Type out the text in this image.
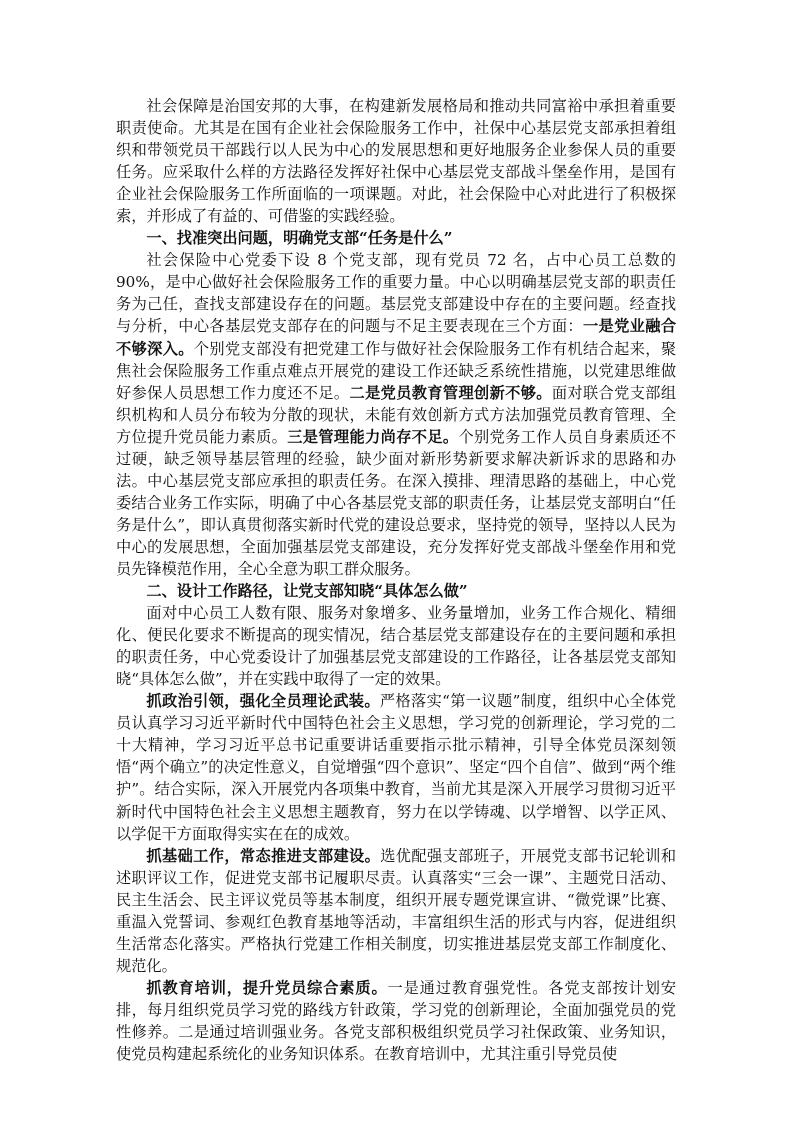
社会保障是治国安邦的大事，在构建新发展格局和推动共同富裕中承担着重要职责使命。尤其是在国有企业社会保险服务工作中，社保中心基层党支部承担着组织和带领党员干部践行以人民为中心的发展思想和更好地服务企业参保人员的重要任务。应采取什么样的方法路径发挥好社保中心基层党支部战斗堡垒作用，是国有企业社会保险服务工作所面临的一项课题。对此，社会保险中心对此进行了积极探索，并形成了有益的、可借鉴的实践经验。

一、找准突出问题，明确党支部“任务是什么”

社会保险中心党委下设 8 个党支部，现有党员 72 名，占中心员工总数的 90%，是中心做好社会保险服务工作的重要力量。中心以明确基层党支部的职责任务为己任，查找支部建设存在的问题。基层党支部建设中存在的主要问题。经查找与分析，中心各基层党支部存在的问题与不足主要表现在三个方面：一是党业融合不够深入。个别党支部没有把党建工作与做好社会保险服务工作有机结合起来，聚焦社会保险服务工作重点难点开展党的建设工作还缺乏系统性措施，以党建思维做好参保人员思想工作力度还不足。二是党员教育管理创新不够。面对联合党支部组织机构和人员分布较为分散的现状，未能有效创新方式方法加强党员教育管理、全方位提升党员能力素质。三是管理能力尚存不足。个别党务工作人员自身素质还不过硬，缺乏领导基层管理的经验，缺少面对新形势新要求解决新诉求的思路和办法。中心基层党支部应承担的职责任务。在深入摸排、理清思路的基础上，中心党委结合业务工作实际，明确了中心各基层党支部的职责任务，让基层党支部明白“任务是什么”，即认真贯彻落实新时代党的建设总要求，坚持党的领导，坚持以人民为中心的发展思想，全面加强基层党支部建设，充分发挥好党支部战斗堡垒作用和党员先锋模范作用，全心全意为职工群众服务。

二、设计工作路径，让党支部知晓“具体怎么做”

面对中心员工人数有限、服务对象增多、业务量增加，业务工作合规化、精细化、便民化要求不断提高的现实情况，结合基层党支部建设存在的主要问题和承担的职责任务，中心党委设计了加强基层党支部建设的工作路径，让各基层党支部知晓“具体怎么做”，并在实践中取得了一定的效果。

抓政治引领，强化全员理论武装。严格落实“第一议题”制度，组织中心全体党员认真学习习近平新时代中国特色社会主义思想，学习党的创新理论，学习党的二十大精神，学习习近平总书记重要讲话重要指示批示精神，引导全体党员深刻领悟“两个确立”的决定性意义，自觉增强“四个意识”、坚定“四个自信”、做到“两个维护”。结合实际，深入开展党内各项集中教育，当前尤其是深入开展学习贯彻习近平新时代中国特色社会主义思想主题教育，努力在以学铸魂、以学增智、以学正风、以学促干方面取得实实在在的成效。

抓基础工作，常态推进支部建设。选优配强支部班子，开展党支部书记轮训和述职评议工作，促进党支部书记履职尽责。认真落实“三会一课”、主题党日活动、民主生活会、民主评议党员等基本制度，组织开展专题党课宣讲、“微党课”比赛、重温入党誓词、参观红色教育基地等活动，丰富组织生活的形式与内容，促进组织生活常态化落实。严格执行党建工作相关制度，切实推进基层党支部工作制度化、规范化。

抓教育培训，提升党员综合素质。一是通过教育强党性。各党支部按计划安排，每月组织党员学习党的路线方针政策，学习党的创新理论，全面加强党员的党性修养。二是通过培训强业务。各党支部积极组织党员学习社保政策、业务知识，使党员构建起系统化的业务知识体系。在教育培训中，尤其注重引导党员使
